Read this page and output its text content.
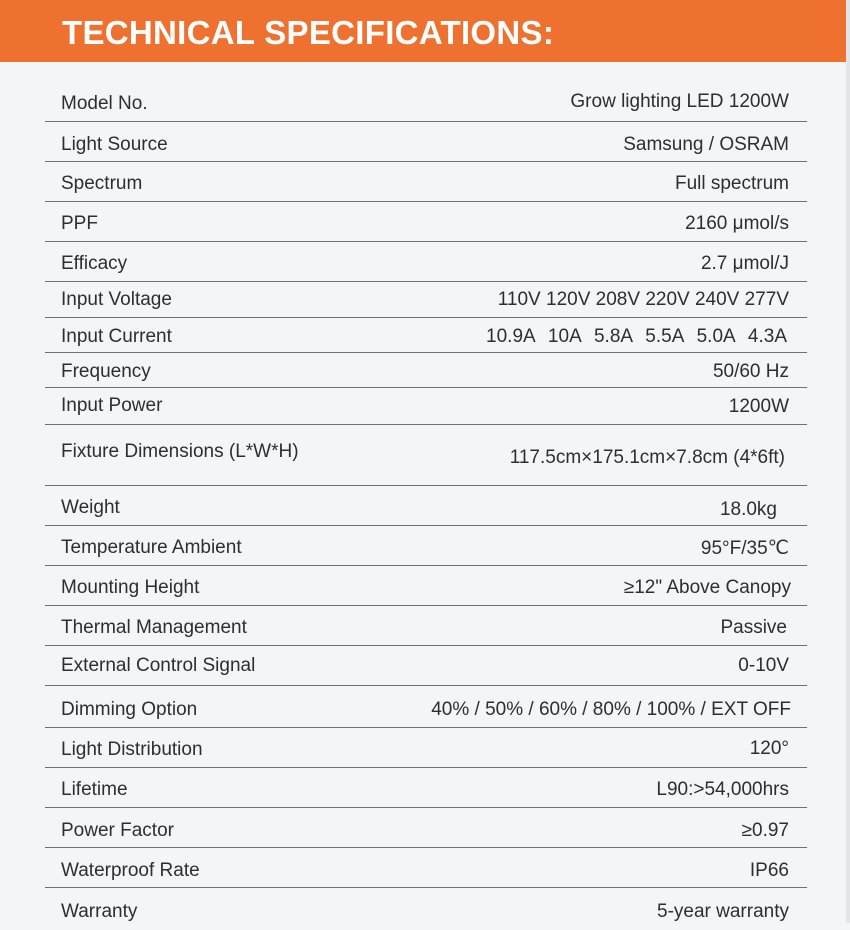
TECHNICAL SPECIFICATIONS:
Model No.	Grow lighting LED 1200W
Light Source	Samsung / OSRAM
Spectrum	Full spectrum
PPF	2160 μmol/s
Efficacy	2.7 μmol/J
Input Voltage	110V 120V 208V 220V 240V 277V
Input Current	10.9A 10A 5.8A 5.5A 5.0A 4.3A
Frequency	50/60 Hz
Input Power	1200W
Fixture Dimensions (L*W*H)	117.5cm×175.1cm×7.8cm (4*6ft)
Weight	18.0kg
Temperature Ambient	95°F/35℃
Mounting Height	≥12" Above Canopy
Thermal Management	Passive
External Control Signal	0-10V
Dimming Option	40% / 50% / 60% / 80% / 100% / EXT OFF
Light Distribution	120°
Lifetime	L90:>54,000hrs
Power Factor	≥0.97
Waterproof Rate	IP66
Warranty	5-year warranty
